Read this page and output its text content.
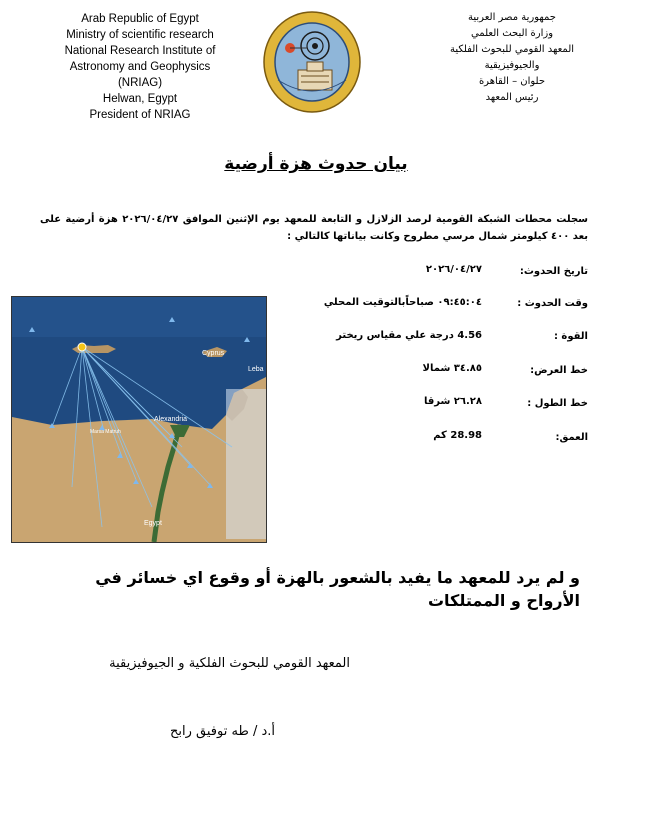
Arab Republic of Egypt
Ministry of scientific research
National Research Institute of
Astronomy and Geophysics
(NRIAG)
Helwan, Egypt
President of NRIAG
جمهورية مصر العربية
وزارة البحث العلمي
المعهد القومي للبحوث الفلكية
والجيوفيزيقية
حلوان – القاهرة
رئيس المعهد
بيان حدوث هزة أرضية
سجلت محطات الشبكة القومية لرصد الزلازل و التابعة للمعهد يوم الإثنين الموافق ٢٠٢٦/٠٤/٢٧ هزة أرضية على بعد ٤٠٠ كيلومتر شمال مرسي مطروح وكانت بياناتها كالتالي :
تاريخ الحدوث:
٢٠٢٦/٠٤/٢٧
وقت الحدوث :
٠٩:٤٥:٠٤ صباحاًبالتوقيت المحلي
القوة :
4.56 درجة علي مقياس ريختر
خط العرض:
٣٤.٨٥ شمالا
خط الطول :
٢٦.٢٨ شرقا
العمق:
28.98 كم
Cyprus
Leba
Alexandria
Marsa Matruh
Egypt
و لم يرد للمعهد ما يفيد بالشعور بالهزة أو وقوع اي خسائر في الأرواح و الممتلكات
المعهد القومي للبحوث الفلكية و الجيوفيزيقية
أ.د / طه توفيق رابح
